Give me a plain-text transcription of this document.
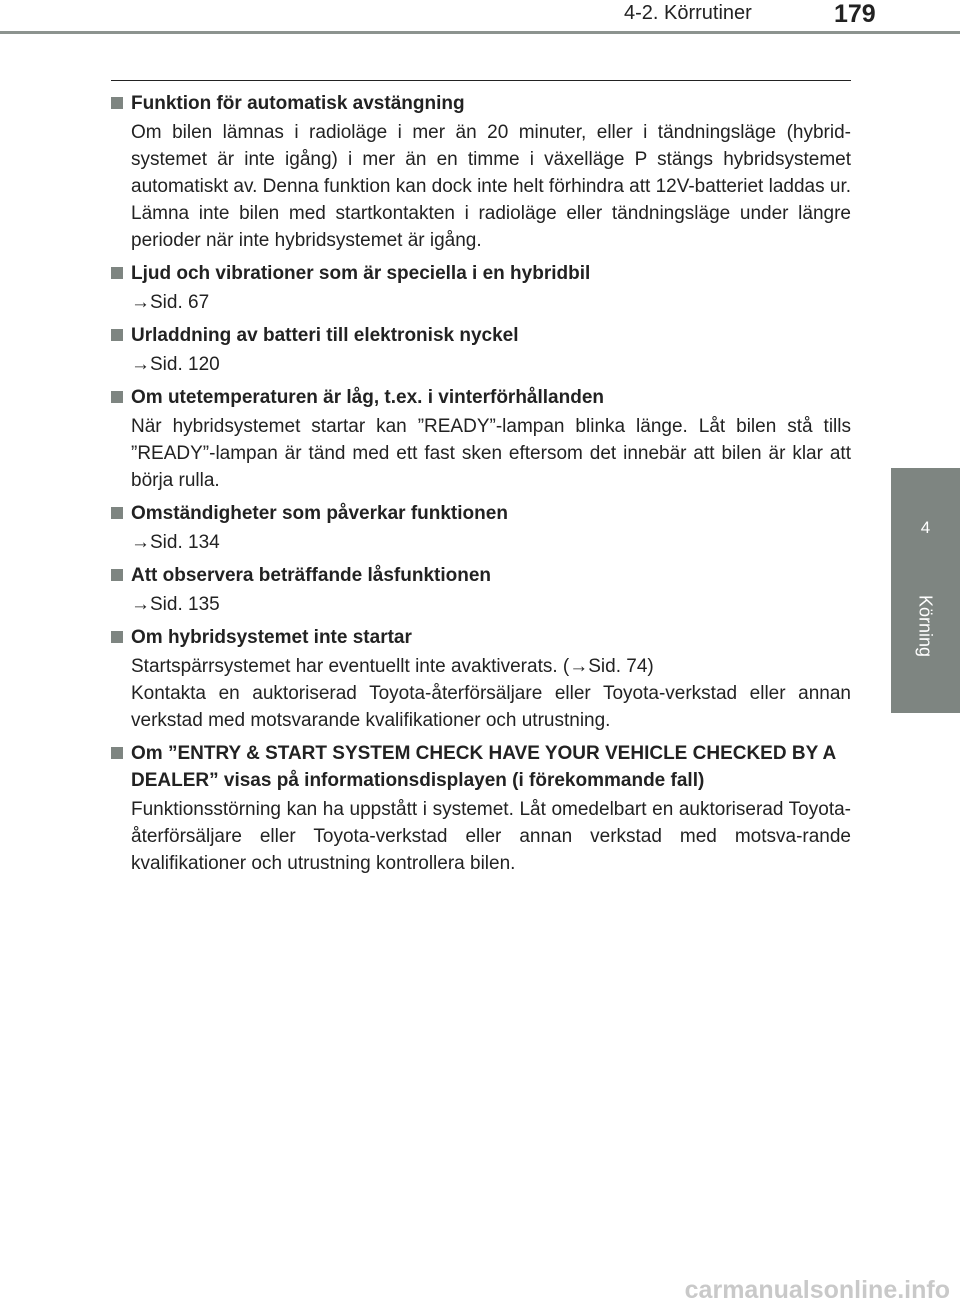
4-2. Körrutiner	179
4
Körning
Funktion för automatisk avstängning
Om bilen lämnas i radioläge i mer än 20 minuter, eller i tändningsläge (hybrid-systemet är inte igång) i mer än en timme i växelläge P stängs hybridsystemet automatiskt av. Denna funktion kan dock inte helt förhindra att 12V-batteriet laddas ur. Lämna inte bilen med startkontakten i radioläge eller tändningsläge under längre perioder när inte hybridsystemet är igång.
Ljud och vibrationer som är speciella i en hybridbil
→Sid. 67
Urladdning av batteri till elektronisk nyckel
→Sid. 120
Om utetemperaturen är låg, t.ex. i vinterförhållanden
När hybridsystemet startar kan ”READY”-lampan blinka länge. Låt bilen stå tills ”READY”-lampan är tänd med ett fast sken eftersom det innebär att bilen är klar att börja rulla.
Omständigheter som påverkar funktionen
→Sid. 134
Att observera beträffande låsfunktionen
→Sid. 135
Om hybridsystemet inte startar
Startspärrsystemet har eventuellt inte avaktiverats. (→Sid. 74)
Kontakta en auktoriserad Toyota-återförsäljare eller Toyota-verkstad eller annan verkstad med motsvarande kvalifikationer och utrustning.
Om ”ENTRY & START SYSTEM CHECK HAVE YOUR VEHICLE CHECKED BY A DEALER” visas på informationsdisplayen (i förekommande fall)
Funktionsstörning kan ha uppstått i systemet. Låt omedelbart en auktoriserad Toyota-återförsäljare eller Toyota-verkstad eller annan verkstad med motsva-rande kvalifikationer och utrustning kontrollera bilen.
carmanualsonline.info
